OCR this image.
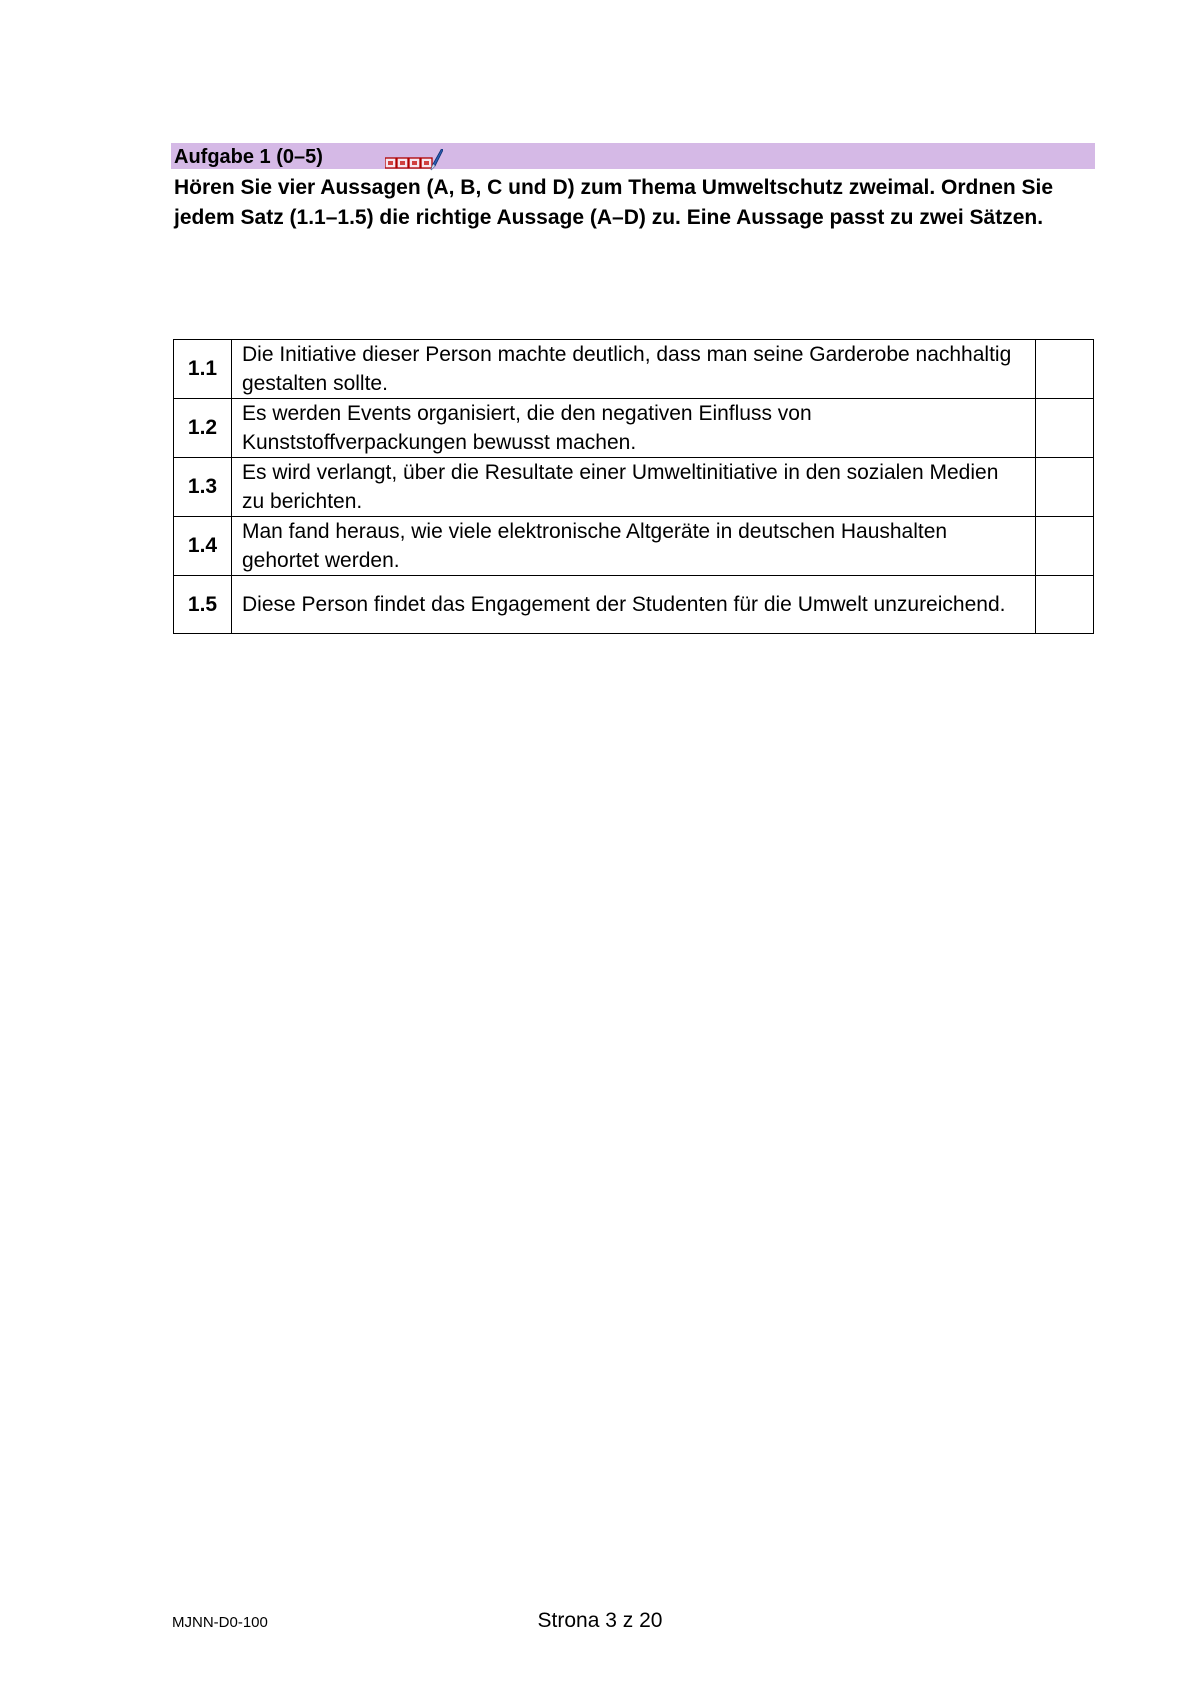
Aufgabe 1 (0–5)
Hören Sie vier Aussagen (A, B, C und D) zum Thema Umweltschutz zweimal. Ordnen Sie jedem Satz (1.1–1.5) die richtige Aussage (A–D) zu. Eine Aussage passt zu zwei Sätzen.
1.1	Die Initiative dieser Person machte deutlich, dass man seine Garderobe nachhaltig gestalten sollte.	
1.2	Es werden Events organisiert, die den negativen Einfluss von Kunststoffverpackungen bewusst machen.	
1.3	Es wird verlangt, über die Resultate einer Umweltinitiative in den sozialen Medien zu berichten.	
1.4	Man fand heraus, wie viele elektronische Altgeräte in deutschen Haushalten gehortet werden.	
1.5	Diese Person findet das Engagement der Studenten für die Umwelt unzureichend.	
MJNN-D0-100	Strona 3 z 20
